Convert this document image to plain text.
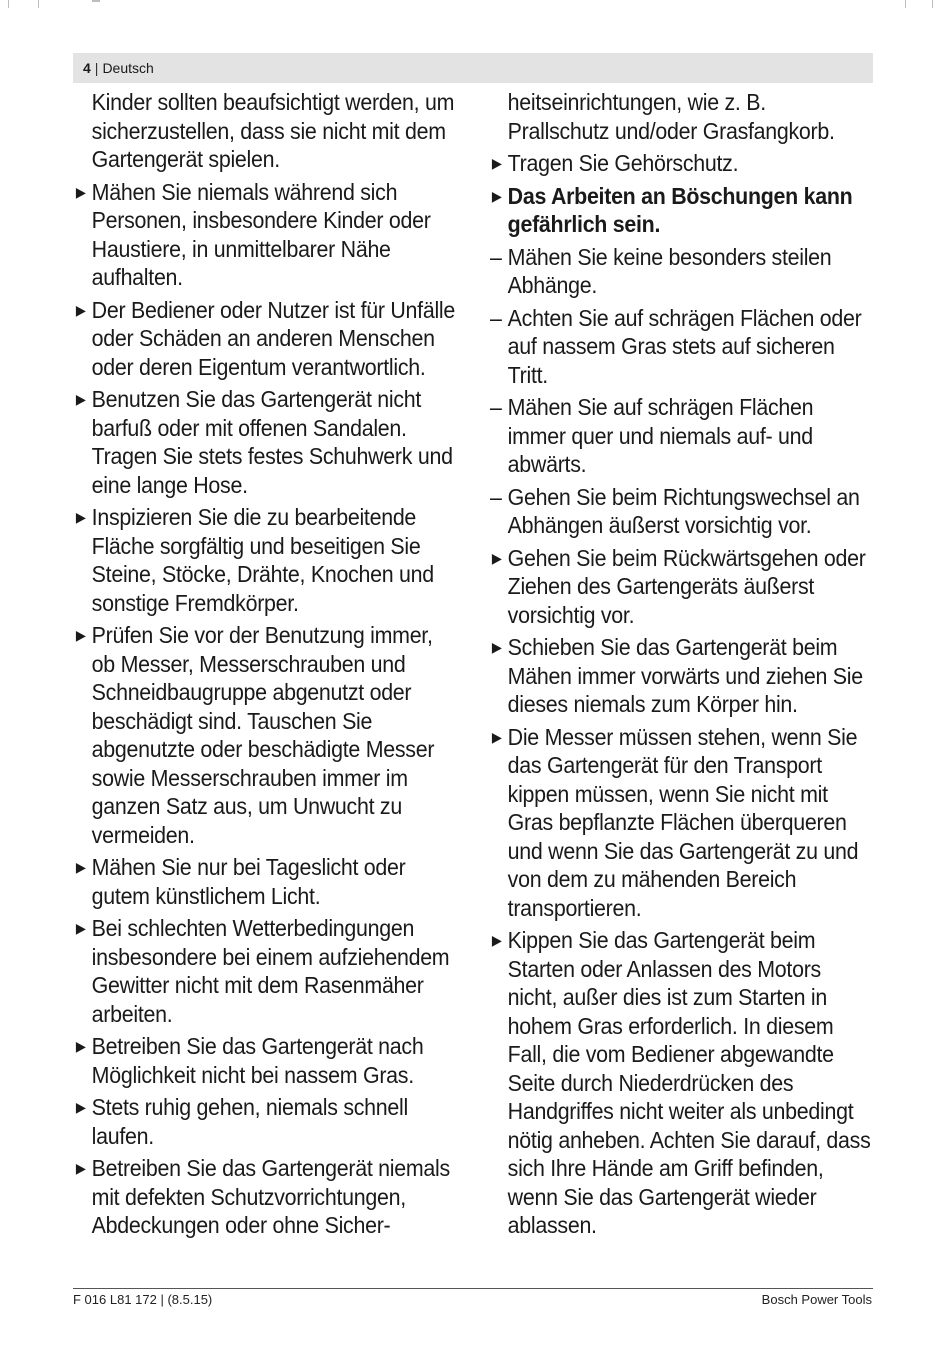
4 | Deutsch
Kinder sollten beaufsichtigt werden, um sicherzustellen, dass sie nicht mit dem Gartengerät spielen.
▶ Mähen Sie niemals während sich Personen, insbesondere Kinder oder Haustiere, in unmittelbarer Nähe aufhalten.
▶ Der Bediener oder Nutzer ist für Unfälle oder Schäden an anderen Menschen oder deren Eigentum verantwortlich.
▶ Benutzen Sie das Gartengerät nicht barfuß oder mit offenen Sandalen. Tragen Sie stets festes Schuhwerk und eine lange Hose.
▶ Inspizieren Sie die zu bearbeitende Fläche sorgfältig und beseitigen Sie Steine, Stöcke, Drähte, Knochen und sonstige Fremdkörper.
▶ Prüfen Sie vor der Benutzung immer, ob Messer, Messerschrauben und Schneidbaugruppe abgenutzt oder beschädigt sind. Tauschen Sie abgenutzte oder beschädigte Messer sowie Messerschrauben immer im ganzen Satz aus, um Unwucht zu vermeiden.
▶ Mähen Sie nur bei Tageslicht oder gutem künstlichem Licht.
▶ Bei schlechten Wetterbedingungen insbesondere bei einem aufziehendem Gewitter nicht mit dem Rasenmäher arbeiten.
▶ Betreiben Sie das Gartengerät nach Möglichkeit nicht bei nassem Gras.
▶ Stets ruhig gehen, niemals schnell laufen.
▶ Betreiben Sie das Gartengerät niemals mit defekten Schutzvorrichtungen, Abdeckungen oder ohne Sicher-
heitseinrichtungen, wie z. B. Prallschutz und/oder Grasfangkorb.
▶ Tragen Sie Gehörschutz.
▶ Das Arbeiten an Böschungen kann gefährlich sein.
– Mähen Sie keine besonders steilen Abhänge.
– Achten Sie auf schrägen Flächen oder auf nassem Gras stets auf sicheren Tritt.
– Mähen Sie auf schrägen Flächen immer quer und niemals auf- und abwärts.
– Gehen Sie beim Richtungswechsel an Abhängen äußerst vorsichtig vor.
▶ Gehen Sie beim Rückwärtsgehen oder Ziehen des Gartengeräts äußerst vorsichtig vor.
▶ Schieben Sie das Gartengerät beim Mähen immer vorwärts und ziehen Sie dieses niemals zum Körper hin.
▶ Die Messer müssen stehen, wenn Sie das Gartengerät für den Transport kippen müssen, wenn Sie nicht mit Gras bepflanzte Flächen überqueren und wenn Sie das Gartengerät zu und von dem zu mähenden Bereich transportieren.
▶ Kippen Sie das Gartengerät beim Starten oder Anlassen des Motors nicht, außer dies ist zum Starten in hohem Gras erforderlich. In diesem Fall, die vom Bediener abgewandte Seite durch Niederdrücken des Handgriffes nicht weiter als unbedingt nötig anheben. Achten Sie darauf, dass sich Ihre Hände am Griff befinden, wenn Sie das Gartengerät wieder ablassen.
F 016 L81 172 | (8.5.15)	Bosch Power Tools
